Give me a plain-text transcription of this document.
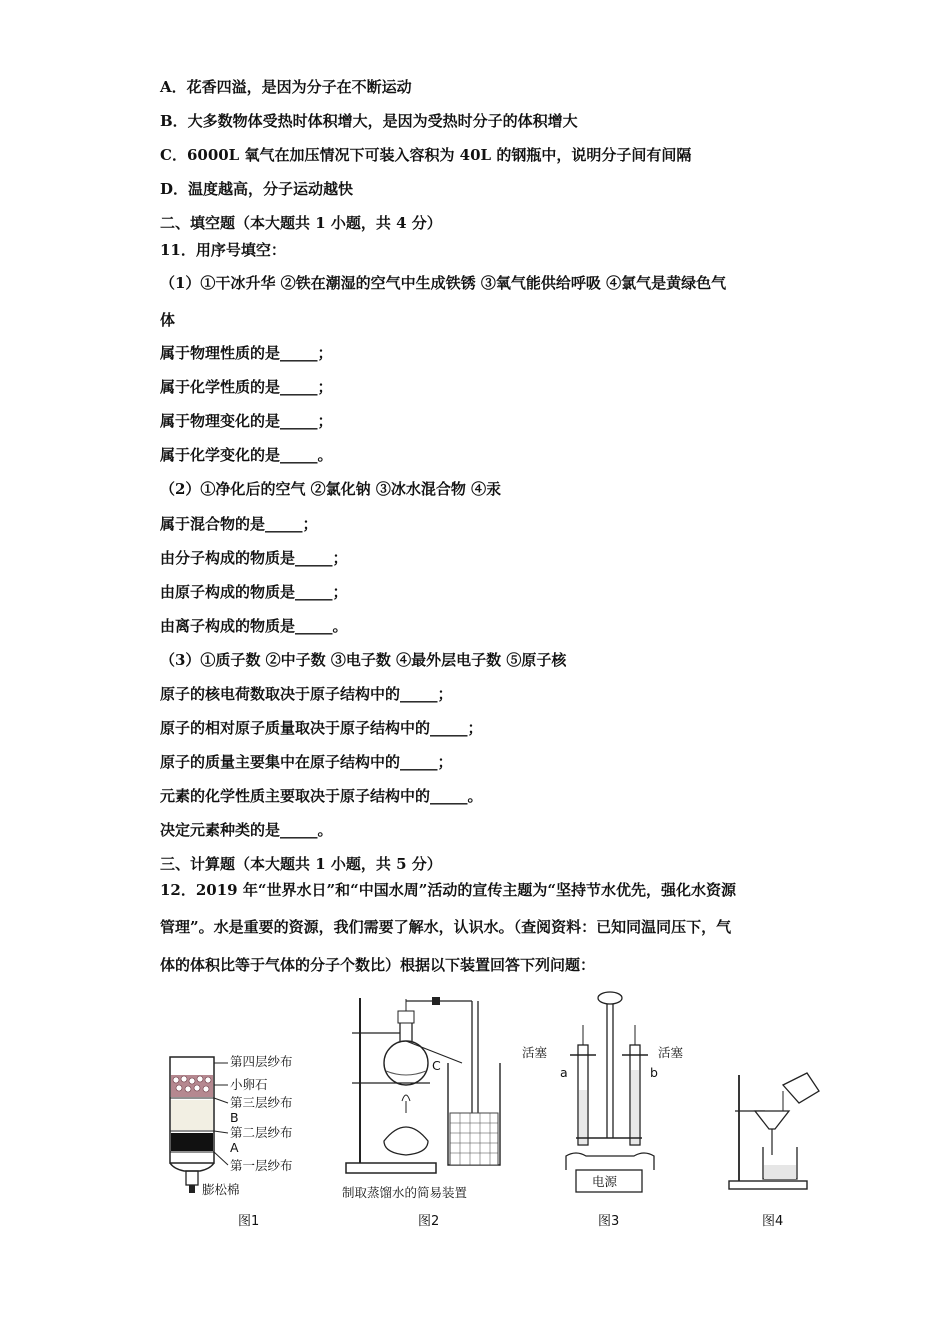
A．花香四溢，是因为分子在不断运动
B．大多数物体受热时体积增大，是因为受热时分子的体积增大
C．6000L 氧气在加压情况下可装入容积为 40L 的钢瓶中，说明分子间有间隔
D．温度越高，分子运动越快
二、填空题（本大题共 1 小题，共 4 分）
11．用序号填空：
（1）①干冰升华 ②铁在潮湿的空气中生成铁锈 ③氧气能供给呼吸 ④氯气是黄绿色气
体
属于物理性质的是_____；
属于化学性质的是_____；
属于物理变化的是_____；
属于化学变化的是_____。
（2）①净化后的空气 ②氯化钠 ③冰水混合物 ④汞
属于混合物的是_____；
由分子构成的物质是_____；
由原子构成的物质是_____；
由离子构成的物质是_____。
（3）①质子数 ②中子数 ③电子数 ④最外层电子数 ⑤原子核
原子的核电荷数取决于原子结构中的_____；
原子的相对原子质量取决于原子结构中的_____；
原子的质量主要集中在原子结构中的_____；
元素的化学性质主要取决于原子结构中的_____。
决定元素种类的是_____。
三、计算题（本大题共 1 小题，共 5 分）
12．2019 年“世界水日”和“中国水周”活动的宣传主题为“坚持节水优先，强化水资源
管理”。水是重要的资源，我们需要了解水，认识水。（查阅资料：已知同温同压下，气
体的体积比等于气体的分子个数比）根据以下装置回答下列问题：
第四层纱布
小卵石
第三层纱布
B
第二层纱布
A
第一层纱布
膨松棉
图1
C
制取蒸馏水的简易装置
图2
活塞	活塞
a	b
电源
图3	图4
